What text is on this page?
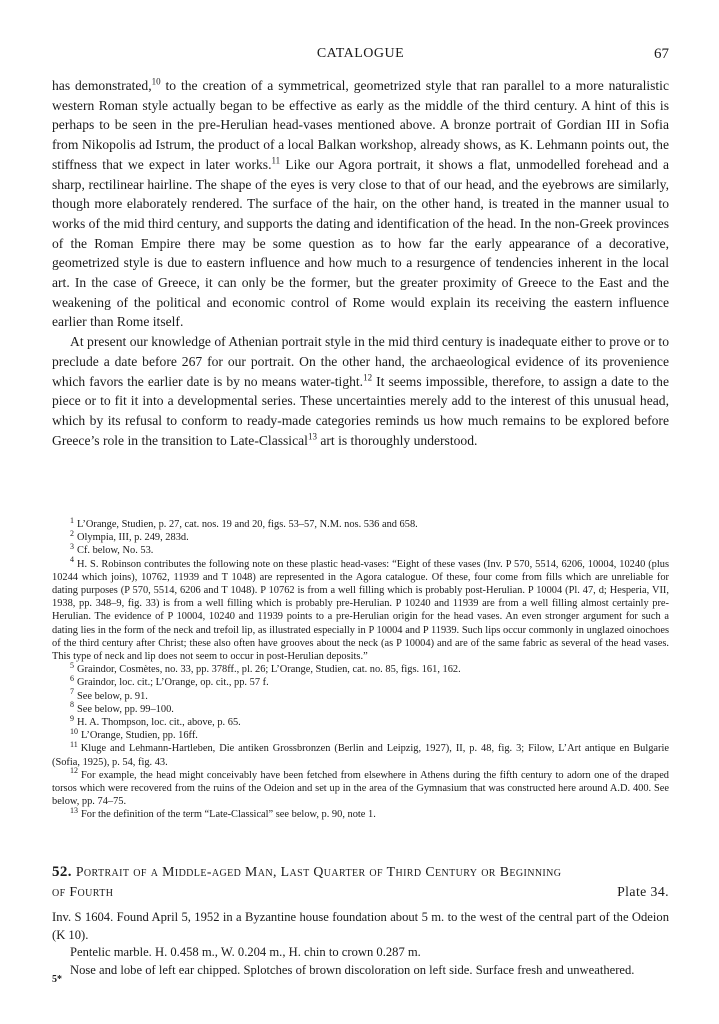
CATALOGUE	67

has demonstrated,$^{10}$ to the creation of a symmetrical, geometrized style that ran parallel to a more naturalistic western Roman style actually began to be effective as early as the middle of the third century. A hint of this is perhaps to be seen in the pre-Herulian head-vases mentioned above. A bronze portrait of Gordian III in Sofia from Nikopolis ad Istrum, the product of a local Balkan workshop, already shows, as K. Lehmann points out, the stiffness that we expect in later works.$^{11}$ Like our Agora portrait, it shows a flat, unmodelled forehead and a sharp, rectilinear hairline. The shape of the eyes is very close to that of our head, and the eyebrows are similarly, though more elaborately rendered. The surface of the hair, on the other hand, is treated in the manner usual to works of the mid third century, and supports the dating and identification of the head. In the non-Greek provinces of the Roman Empire there may be some question as to how far the early appearance of a decorative, geometrized style is due to eastern influence and how much to a resurgence of tendencies inherent in the local art. In the case of Greece, it can only be the former, but the greater proximity of Greece to the East and the weakening of the political and economic control of Rome would explain its receiving the eastern influence earlier than Rome itself.

At present our knowledge of Athenian portrait style in the mid third century is inadequate either to prove or to preclude a date before 267 for our portrait. On the other hand, the archaeological evidence of its provenience which favors the earlier date is by no means water-tight.$^{12}$ It seems impossible, therefore, to assign a date to the piece or to fit it into a developmental series. These uncertainties merely add to the interest of this unusual head, which by its refusal to conform to ready-made categories reminds us how much remains to be explored before Greece’s role in the transition to Late-Classical$^{13}$ art is thoroughly understood.

$^1$ L’Orange, Studien, p. 27, cat. nos. 19 and 20, figs. 53–57, N.M. nos. 536 and 658.

$^2$ Olympia, III, p. 249, 283d.

$^3$ Cf. below, No. 53.

$^4$ H. S. Robinson contributes the following note on these plastic head-vases: “Eight of these vases (Inv. P 570, 5514, 6206, 10004, 10240 (plus 10244 which joins), 10762, 11939 and T 1048) are represented in the Agora catalogue. Of these, four come from fills which are unreliable for dating purposes (P 570, 5514, 6206 and T 1048). P 10762 is from a well filling which is probably post-Herulian. P 10004 (Pl. 47, d; Hesperia, VII, 1938, pp. 348–9, fig. 33) is from a well filling which is probably pre-Herulian. P 10240 and 11939 are from a well filling almost certainly pre-Herulian. The evidence of P 10004, 10240 and 11939 points to a pre-Herulian origin for the head vases. An even stronger argument for such a dating lies in the form of the neck and trefoil lip, as illustrated especially in P 10004 and P 11939. Such lips occur commonly in unglazed oinochoes of the third century after Christ; these also often have grooves about the neck (as P 10004) and are of the same fabric as several of the head vases. This type of neck and lip does not seem to occur in post-Herulian deposits.”

$^5$ Graindor, Cosmètes, no. 33, pp. 378ff., pl. 26; L’Orange, Studien, cat. no. 85, figs. 161, 162.

$^6$ Graindor, loc. cit.; L’Orange, op. cit., pp. 57 f.

$^7$ See below, p. 91.

$^8$ See below, pp. 99–100.

$^9$ H. A. Thompson, loc. cit., above, p. 65.

$^{10}$ L’Orange, Studien, pp. 16ff.

$^{11}$ Kluge and Lehmann-Hartleben, Die antiken Grossbronzen (Berlin and Leipzig, 1927), II, p. 48, fig. 3; Filow, L’Art antique en Bulgarie (Sofia, 1925), p. 54, fig. 43.

$^{12}$ For example, the head might conceivably have been fetched from elsewhere in Athens during the fifth century to adorn one of the draped torsos which were recovered from the ruins of the Odeion and set up in the area of the Gymnasium that was constructed here around A.D. 400. See below, pp. 74–75.

$^{13}$ For the definition of the term “Late-Classical” see below, p. 90, note 1.

52. Portrait of a Middle-aged Man, Last Quarter of Third Century or Beginning

of Fourth	Plate 34.

Inv. S 1604. Found April 5, 1952 in a Byzantine house foundation about 5 m. to the west of the central part of the Odeion (K 10).

Pentelic marble. H. 0.458 m., W. 0.204 m., H. chin to crown 0.287 m.

Nose and lobe of left ear chipped. Splotches of brown discoloration on left side. Surface fresh and unweathered.

5*
